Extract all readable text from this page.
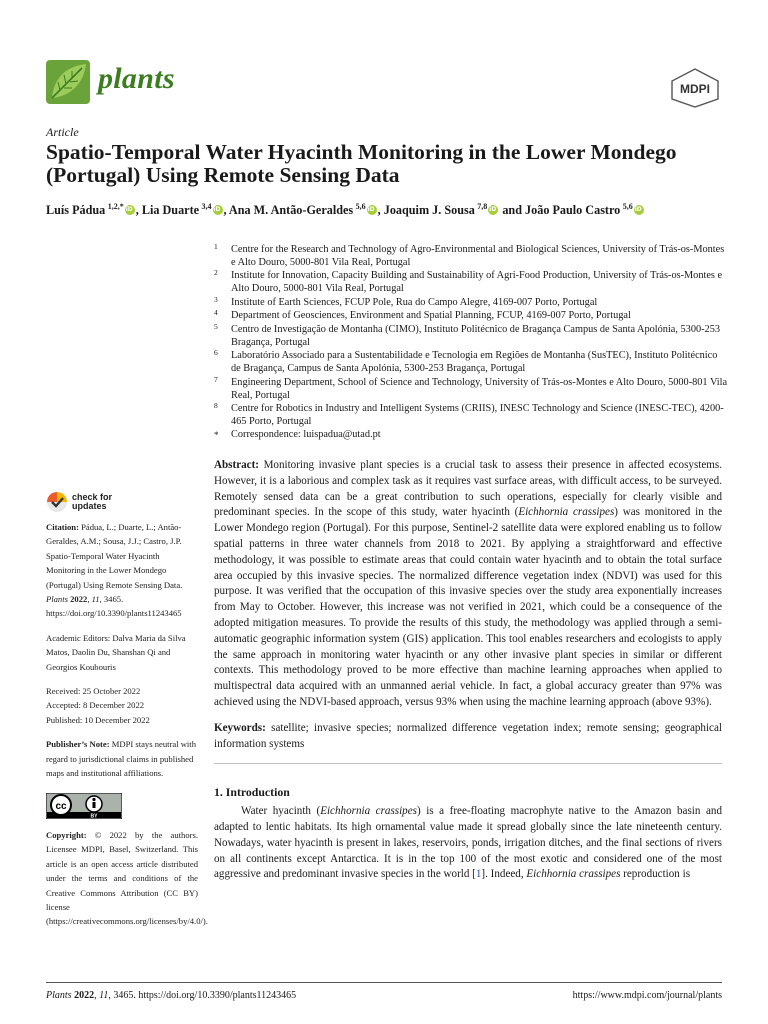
plants	MDPI
Article
Spatio-Temporal Water Hyacinth Monitoring in the Lower Mondego (Portugal) Using Remote Sensing Data
Luís Pádua  $^{1,2,*}$ iD , Lia Duarte  $^{3,4}$ iD , Ana M. Antão-Geraldes  $^{5,6}$ iD , Joaquim J. Sousa  $^{7,8}$iD and João Paulo Castro  $^{5,6}$iD
1 Centre for the Research and Technology of Agro-Environmental and Biological Sciences, University of Trás-os-Montes e Alto Douro, 5000-801 Vila Real, Portugal
2 Institute for Innovation, Capacity Building and Sustainability of Agri-Food Production, University of Trás-os-Montes e Alto Douro, 5000-801 Vila Real, Portugal
3 Institute of Earth Sciences, FCUP Pole, Rua do Campo Alegre, 4169-007 Porto, Portugal
4 Department of Geosciences, Environment and Spatial Planning, FCUP, 4169-007 Porto, Portugal
5 Centro de Investigação de Montanha (CIMO), Instituto Politécnico de Bragança Campus de Santa Apolónia, 5300-253 Bragança, Portugal
6 Laboratório Associado para a Sustentabilidade e Tecnologia em Regiões de Montanha (SusTEC), Instituto Politécnico de Bragança, Campus de Santa Apolónia, 5300-253 Bragança, Portugal
7 Engineering Department, School of Science and Technology, University of Trás-os-Montes e Alto Douro, 5000-801 Vila Real, Portugal
8 Centre for Robotics in Industry and Intelligent Systems (CRIIS), INESC Technology and Science (INESC-TEC), 4200-465 Porto, Portugal
* Correspondence: luispadua@utad.pt
check for
updates
Citation: Pádua, L.; Duarte, L.; Antão-Geraldes, A.M.; Sousa, J.J.; Castro, J.P. Spatio-Temporal Water Hyacinth Monitoring in the Lower Mondego (Portugal) Using Remote Sensing Data. Plants 2022, 11, 3465. https://doi.org/10.3390/plants11243465
Academic Editors: Dalva Maria da Silva Matos, Daolin Du, Shanshan Qi and Georgios Koubouris
Received: 25 October 2022
Accepted: 8 December 2022
Published: 10 December 2022
Publisher’s Note: MDPI stays neutral with regard to jurisdictional claims in published maps and institutional affiliations.
cc
BY
Copyright: © 2022 by the authors. Licensee MDPI, Basel, Switzerland. This article is an open access article distributed under the terms and conditions of the Creative Commons Attribution (CC BY) license (https://creativecommons.org/licenses/by/4.0/).

Abstract: Monitoring invasive plant species is a crucial task to assess their presence in affected ecosystems. However, it is a laborious and complex task as it requires vast surface areas, with difficult access, to be surveyed. Remotely sensed data can be a great contribution to such operations, especially for clearly visible and predominant species. In the scope of this study, water hyacinth (Eichhornia crassipes) was monitored in the Lower Mondego region (Portugal). For this purpose, Sentinel-2 satellite data were explored enabling us to follow spatial patterns in three water channels from 2018 to 2021. By applying a straightforward and effective methodology, it was possible to estimate areas that could contain water hyacinth and to obtain the total surface area occupied by this invasive species. The normalized difference vegetation index (NDVI) was used for this purpose. It was verified that the occupation of this invasive species over the study area exponentially increases from May to October. However, this increase was not verified in 2021, which could be a consequence of the adopted mitigation measures. To provide the results of this study, the methodology was applied through a semi-automatic geographic information system (GIS) application. This tool enables researchers and ecologists to apply the same approach in monitoring water hyacinth or any other invasive plant species in similar or different contexts. This methodology proved to be more effective than machine learning approaches when applied to multispectral data acquired with an unmanned aerial vehicle. In fact, a global accuracy greater than 97% was achieved using the NDVI-based approach, versus 93% when using the machine learning approach (above 93%).

Keywords: satellite; invasive species; normalized difference vegetation index; remote sensing; geographical information systems

1. Introduction

Water hyacinth (Eichhornia crassipes) is a free-floating macrophyte native to the Amazon basin and adapted to lentic habitats. Its high ornamental value made it spread globally since the late nineteenth century. Nowadays, water hyacinth is present in lakes, reservoirs, ponds, irrigation ditches, and the final sections of rivers on all continents except Antarctica. It is in the top 100 of the most exotic and considered one of the most aggressive and predominant invasive species in the world [1]. Indeed, Eichhornia crassipes reproduction is

Plants 2022, 11, 3465. https://doi.org/10.3390/plants11243465	https://www.mdpi.com/journal/plants
